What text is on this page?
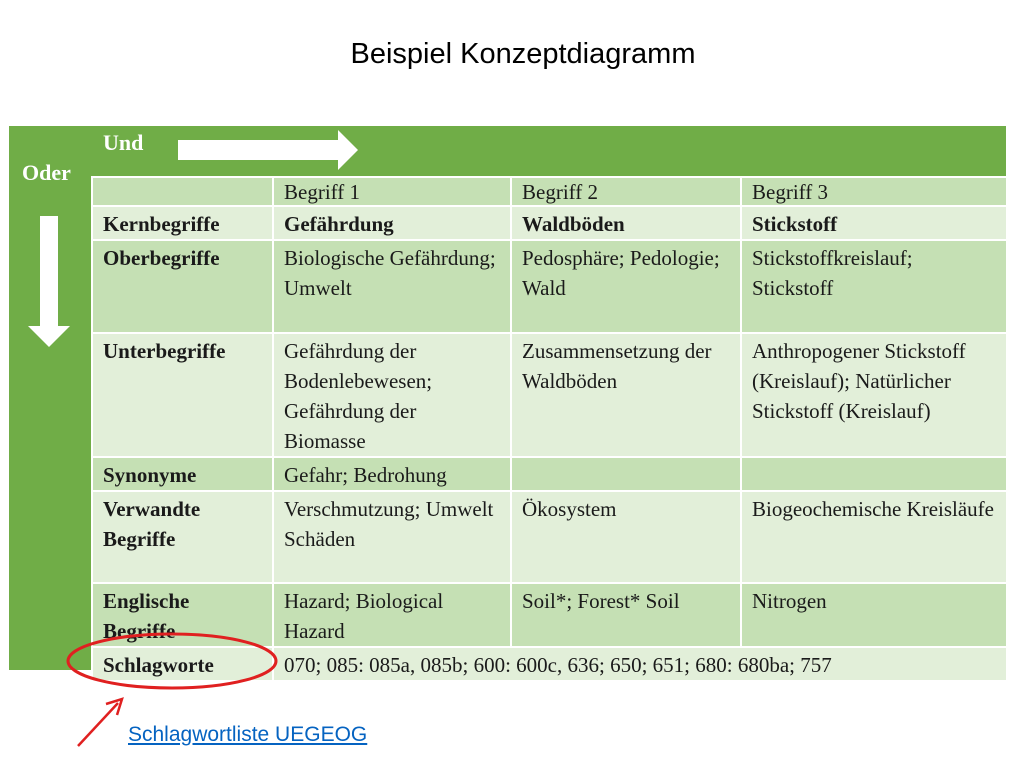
Beispiel Konzeptdiagramm
Und
Oder
	Begriff 1	Begriff 2	Begriff 3
Kernbegriffe	Gefährdung	Waldböden	Stickstoff
Oberbegriffe	Biologische Gefährdung; Umwelt	Pedosphäre; Pedologie; Wald	Stickstoffkreislauf; Stickstoff
Unterbegriffe	Gefährdung der Bodenlebewesen; Gefährdung der Biomasse	Zusammensetzung der Waldböden	Anthropogener Stickstoff (Kreislauf); Natürlicher Stickstoff (Kreislauf)
Synonyme	Gefahr; Bedrohung		
Verwandte Begriffe	Verschmutzung; Umwelt Schäden	Ökosystem	Biogeochemische Kreisläufe
Englische Begriffe	Hazard; Biological Hazard	Soil*; Forest* Soil	Nitrogen
Schlagworte	070; 085: 085a, 085b; 600: 600c, 636; 650; 651; 680: 680ba; 757		
Schlagwortliste UEGEOG
